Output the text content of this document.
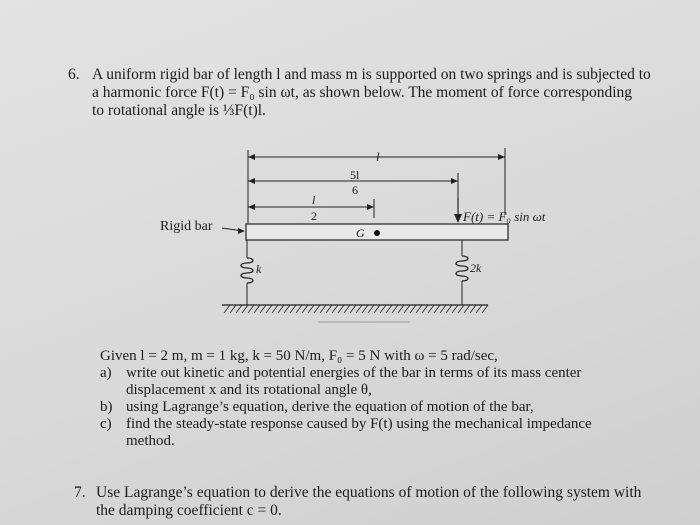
6. A uniform rigid bar of length l and mass m is supported on two springs and is subjected to
a harmonic force F(t) = F₀ sin ωt, as shown below. The moment of force corresponding
to rotational angle is ⅓F(t)l.
l
5l
6
l
2
Rigid bar	G
F(t) = F₀ sin ωt
k	2k
Given l = 2 m, m = 1 kg, k = 50 N/m, F₀ = 5 N with ω = 5 rad/sec,
a) write out kinetic and potential energies of the bar in terms of its mass center
displacement x and its rotational angle θ,
b) using Lagrange’s equation, derive the equation of motion of the bar,
c) find the steady-state response caused by F(t) using the mechanical impedance
method.
7. Use Lagrange’s equation to derive the equations of motion of the following system with
the damping coefficient c = 0.
